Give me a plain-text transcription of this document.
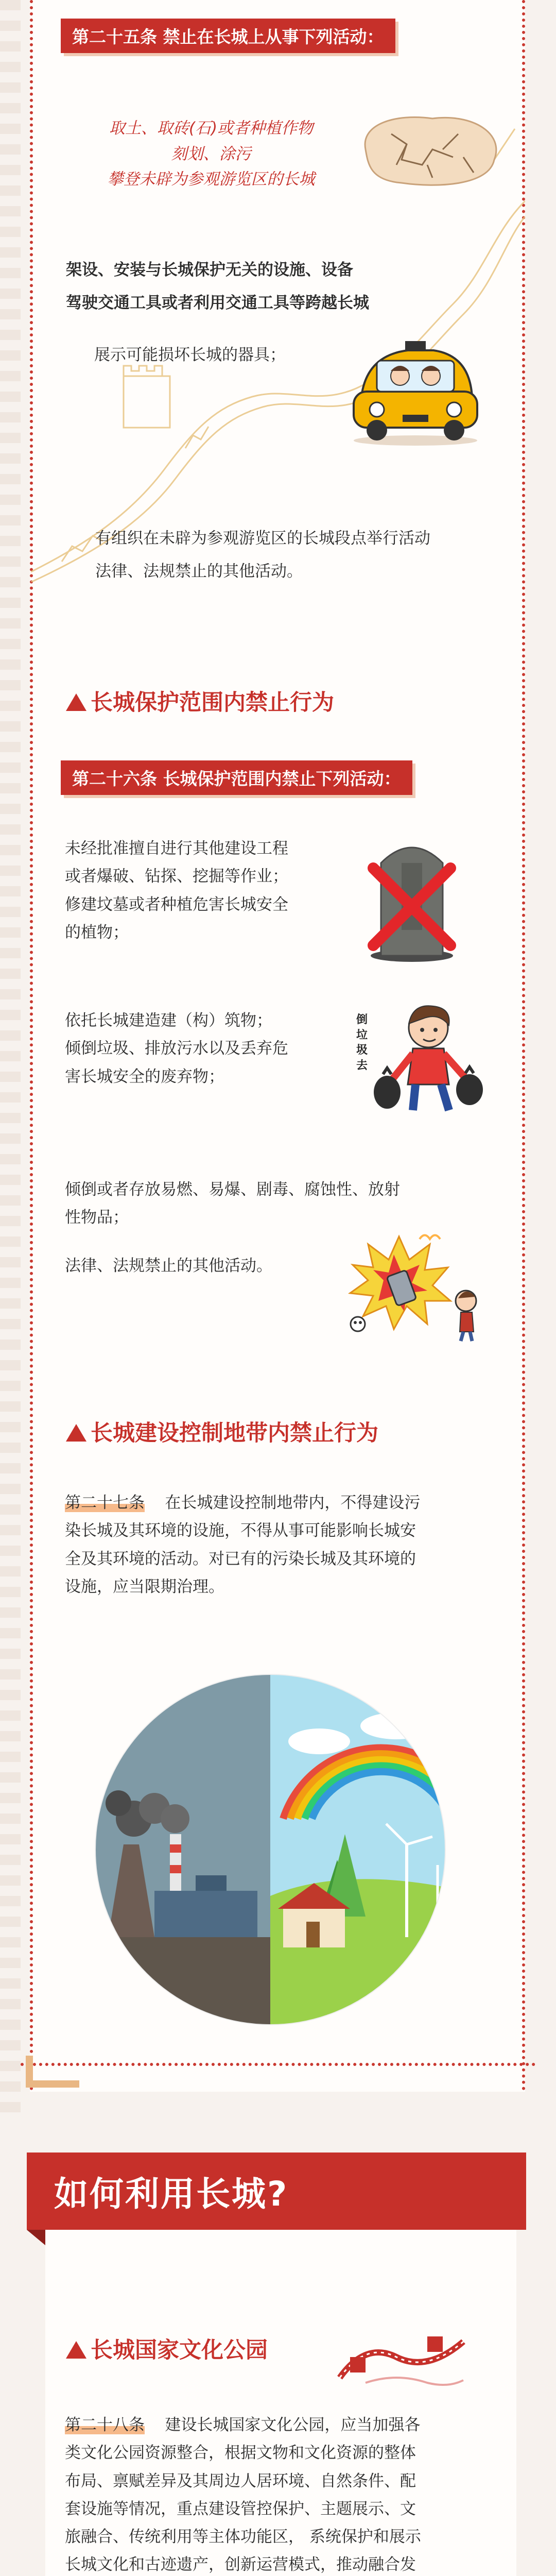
第二十五条 禁止在长城上从事下列活动：
取土、取砖(石)或者种植作物
刻划、涂污
攀登未辟为参观游览区的长城
架设、安装与长城保护无关的设施、设备
驾驶交通工具或者利用交通工具等跨越长城
展示可能损坏长城的器具；
有组织在未辟为参观游览区的长城段点举行活动
法律、法规禁止的其他活动。
长城保护范围内禁止行为
第二十六条 长城保护范围内禁止下列活动：
未经批准擅自进行其他建设工程
或者爆破、钻探、挖掘等作业；
修建坟墓或者种植危害长城安全
的植物；
依托长城建造建（构）筑物；
倾倒垃圾、排放污水以及丢弃危
害长城安全的废弃物；
倒垃圾去
倾倒或者存放易燃、易爆、剧毒、腐蚀性、放射
性物品；
法律、法规禁止的其他活动。
长城建设控制地带内禁止行为
第二十七条 在长城建设控制地带内，不得建设污
染长城及其环境的设施，不得从事可能影响长城安
全及其环境的活动。对已有的污染长城及其环境的
设施，应当限期治理。
如何利用长城?
长城国家文化公园
第二十八条 建设长城国家文化公园，应当加强各
类文化公园资源整合，根据文物和文化资源的整体
布局、禀赋差异及其周边人居环境、自然条件、配
套设施等情况，重点建设管控保护、主题展示、文
旅融合、传统利用等主体功能区， 系统保护和展示
长城文化和古迹遗产，创新运营模式，推动融合发
